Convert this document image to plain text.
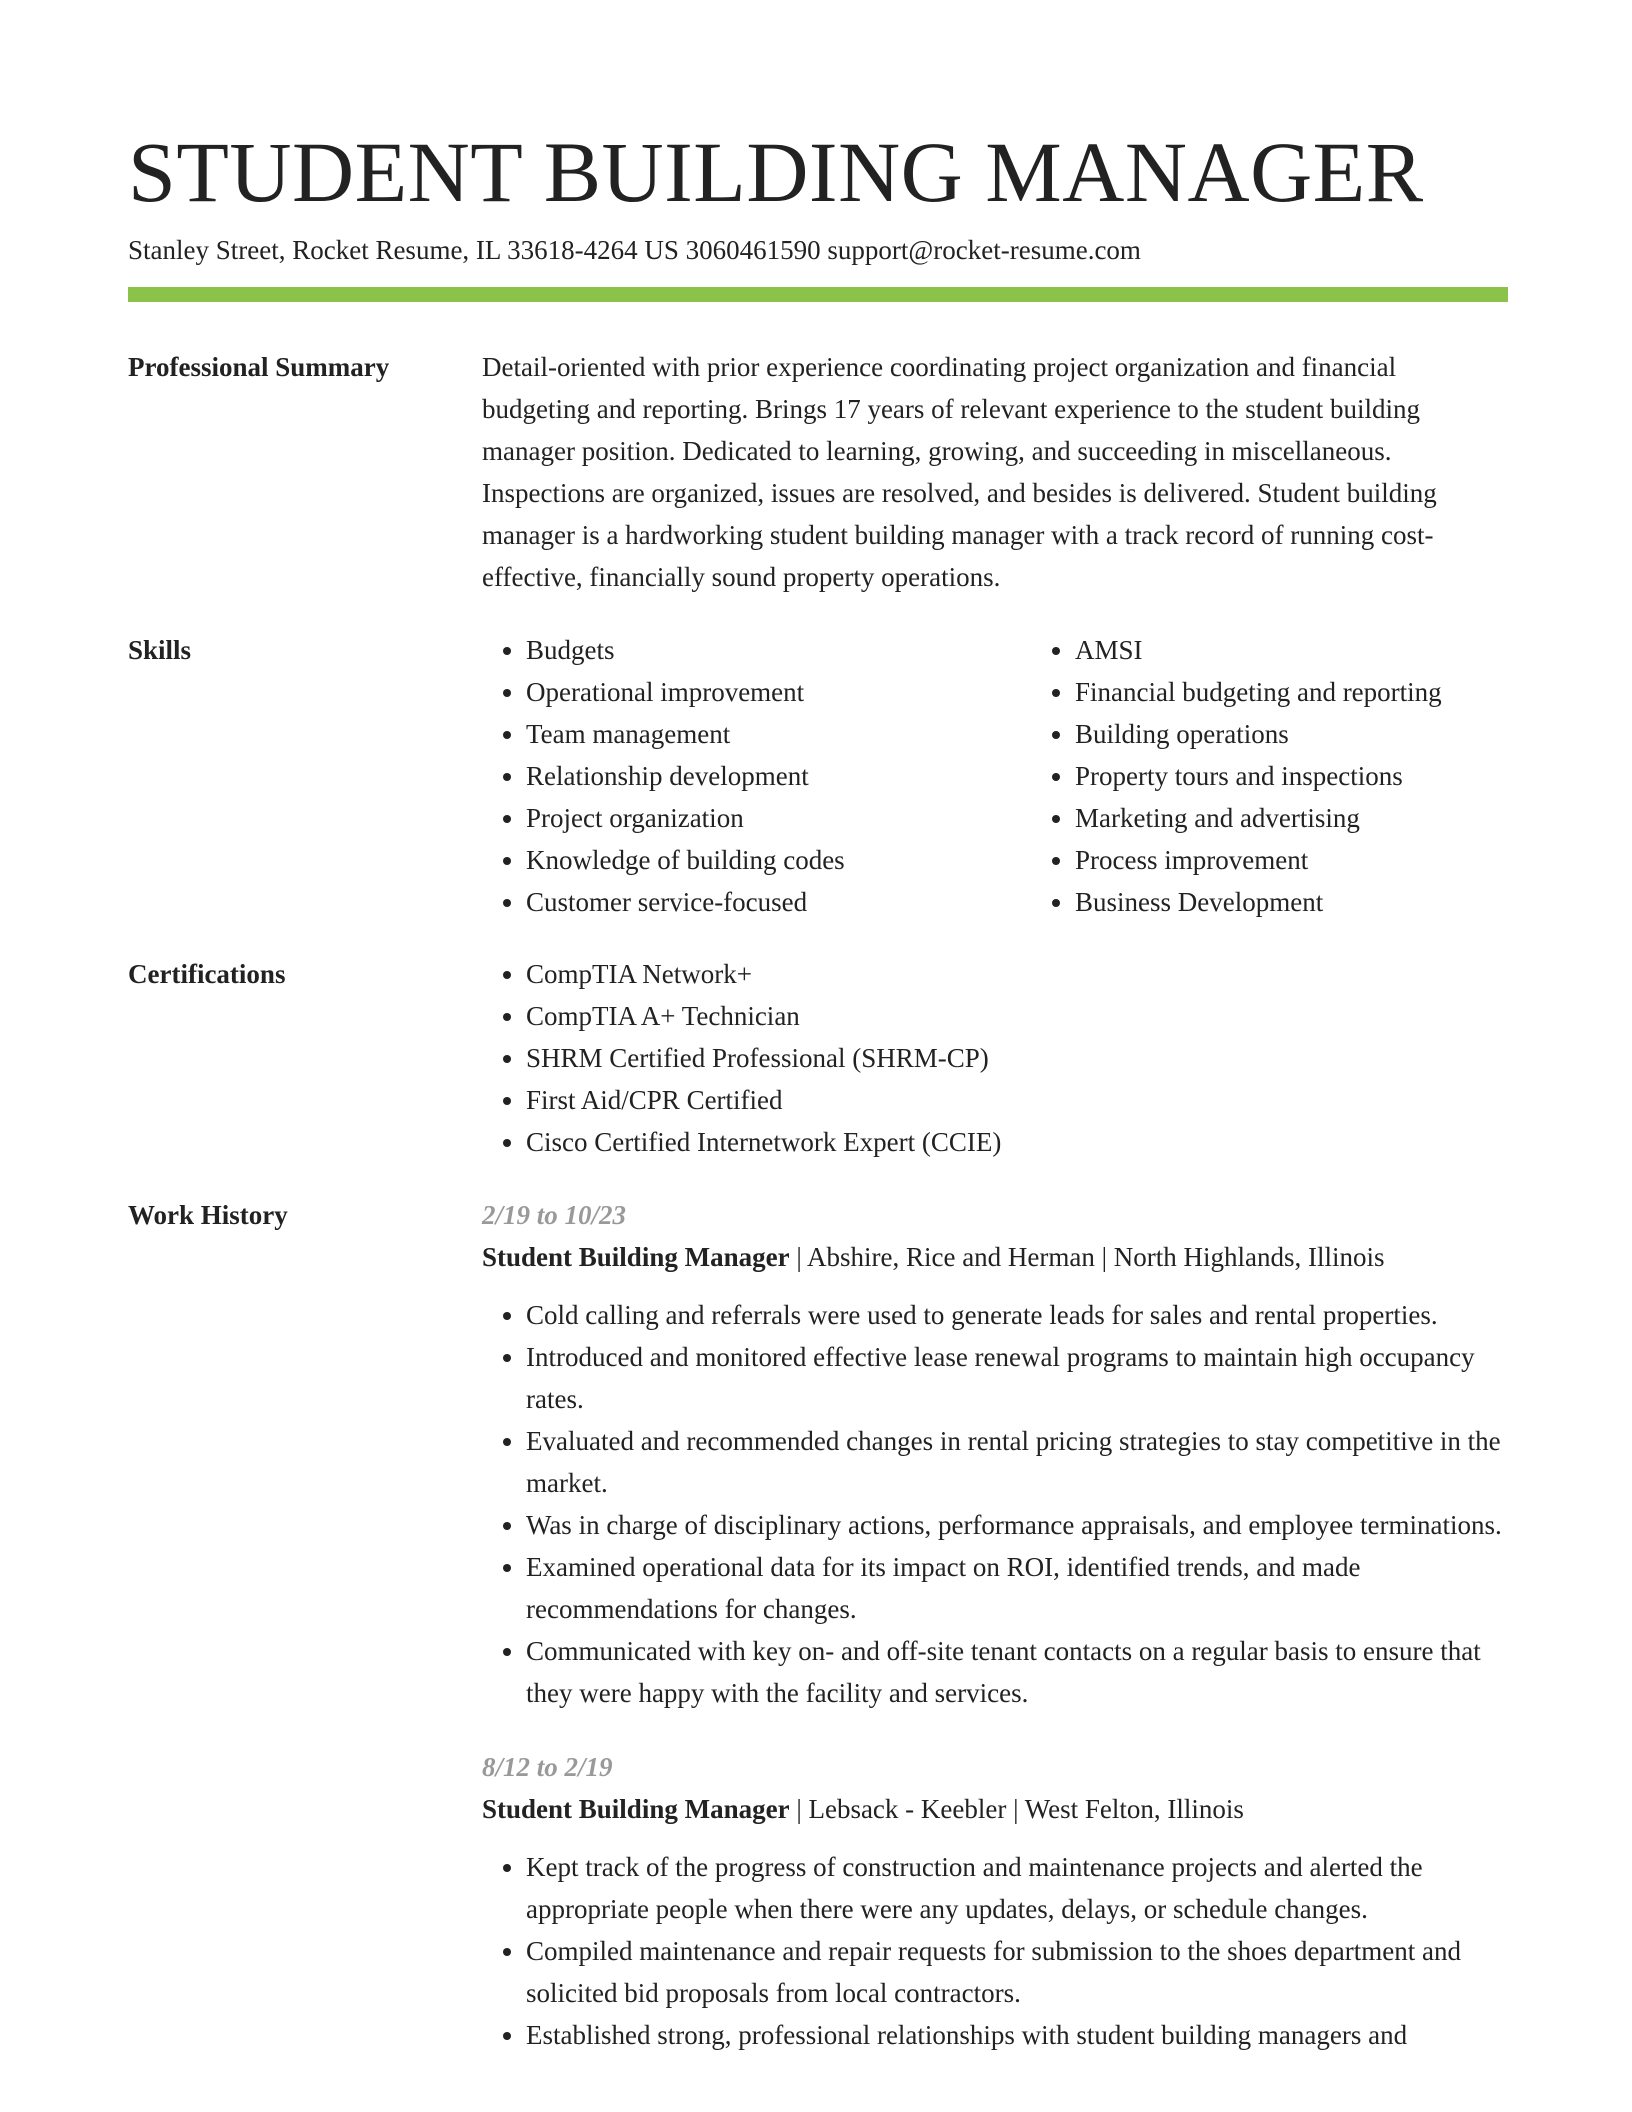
STUDENT BUILDING MANAGER
Stanley Street, Rocket Resume, IL 33618-4264 US 3060461590 support@rocket-resume.com
Professional Summary	Detail-oriented with prior experience coordinating project organization and financial budgeting and reporting. Brings 17 years of relevant experience to the student building manager position. Dedicated to learning, growing, and succeeding in miscellaneous. Inspections are organized, issues are resolved, and besides is delivered. Student building manager is a hardworking student building manager with a track record of running cost-effective, financially sound property operations.

Skills	• Budgets
• Operational improvement
• Team management
• Relationship development
• Project organization
• Knowledge of building codes
• Customer service-focused
• AMSI
• Financial budgeting and reporting
• Building operations
• Property tours and inspections
• Marketing and advertising
• Process improvement
• Business Development
Certifications	• CompTIA Network+
• CompTIA A+ Technician
• SHRM Certified Professional (SHRM-CP)
• First Aid/CPR Certified
• Cisco Certified Internetwork Expert (CCIE)
Work History	2/19 to 10/23
Student Building Manager | Abshire, Rice and Herman | North Highlands, Illinois
• Cold calling and referrals were used to generate leads for sales and rental properties.
• Introduced and monitored effective lease renewal programs to maintain high occupancy rates.
• Evaluated and recommended changes in rental pricing strategies to stay competitive in the market.
• Was in charge of disciplinary actions, performance appraisals, and employee terminations.
• Examined operational data for its impact on ROI, identified trends, and made recommendations for changes.
• Communicated with key on- and off-site tenant contacts on a regular basis to ensure that they were happy with the facility and services.
8/12 to 2/19
Student Building Manager | Lebsack - Keebler | West Felton, Illinois
• Kept track of the progress of construction and maintenance projects and alerted the appropriate people when there were any updates, delays, or schedule changes.
• Compiled maintenance and repair requests for submission to the shoes department and solicited bid proposals from local contractors.
• Established strong, professional relationships with student building managers and
